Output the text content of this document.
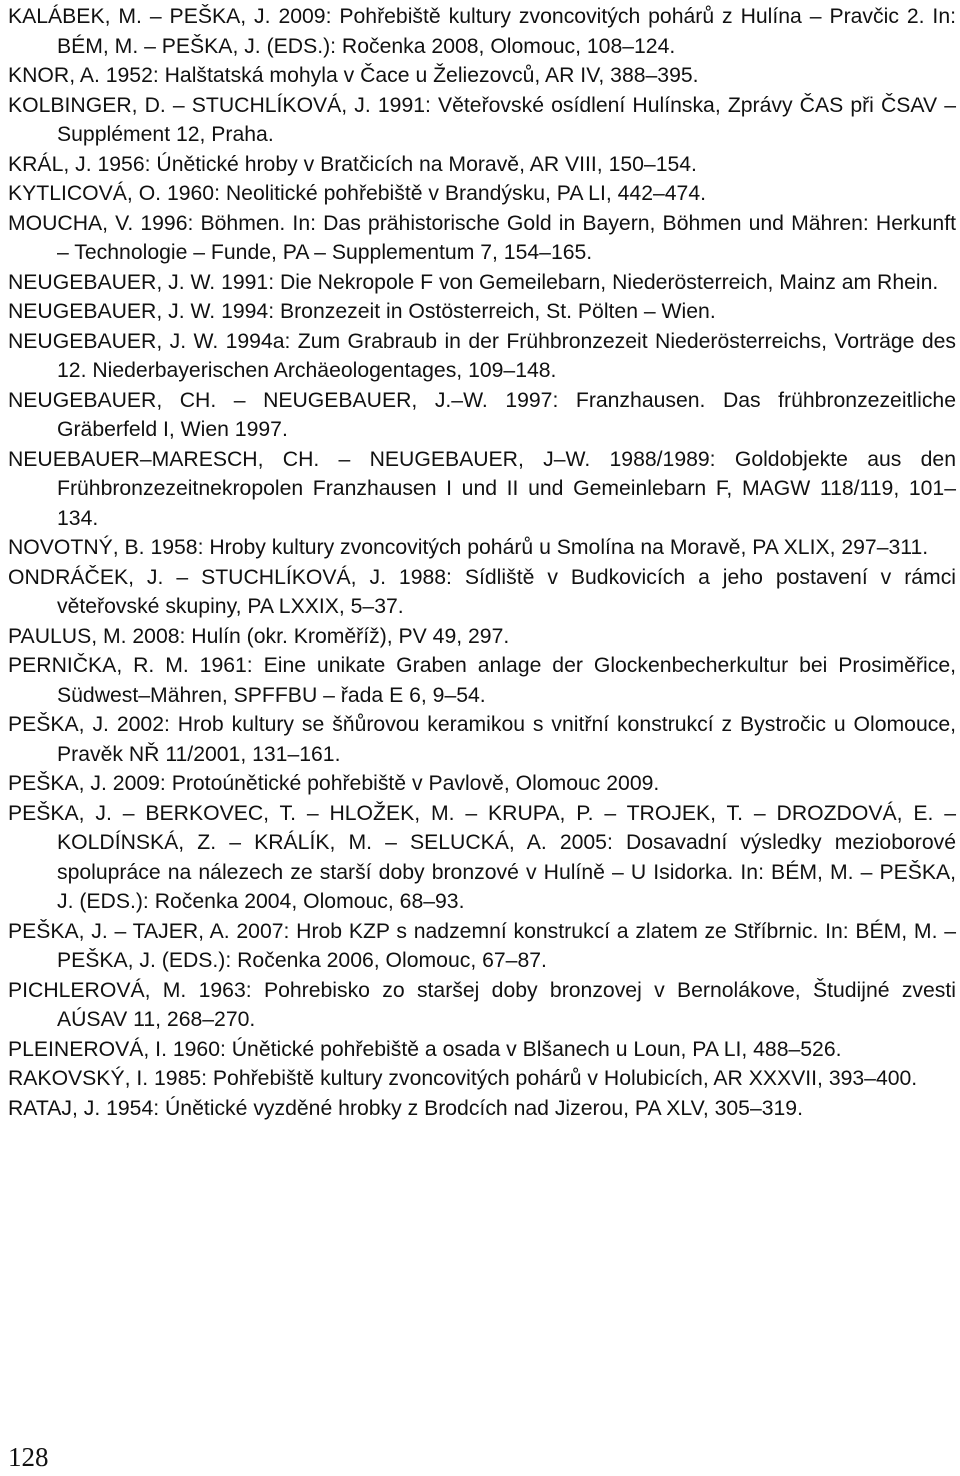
KALÁBEK, M. – PEŠKA, J. 2009: Pohřebiště kultury zvoncovitých pohárů z Hulína – Pravčic 2. In: BÉM, M. – PEŠKA, J. (EDS.): Ročenka 2008, Olomouc, 108–124.
KNOR, A. 1952: Halštatská mohyla v Čace u Želiezovců, AR IV, 388–395.
KOLBINGER, D. – STUCHLÍKOVÁ, J. 1991: Věteřovské osídlení Hulínska, Zprávy ČAS při ČSAV – Supplément 12, Praha.
KRÁL, J. 1956: Únětické hroby v Bratčicích na Moravě, AR VIII, 150–154.
KYTLICOVÁ, O. 1960: Neolitické pohřebiště v Brandýsku, PA LI, 442–474.
MOUCHA, V. 1996: Böhmen. In: Das prähistorische Gold in Bayern, Böhmen und Mähren: Herkunft – Technologie – Funde, PA – Supplementum 7, 154–165.
NEUGEBAUER, J. W. 1991: Die Nekropole F von Gemeilebarn, Niederösterreich, Mainz am Rhein.
NEUGEBAUER, J. W. 1994: Bronzezeit in Ostösterreich, St. Pölten – Wien.
NEUGEBAUER, J. W. 1994a: Zum Grabraub in der Frühbronzezeit Niederösterreichs, Vorträge des 12. Niederbayerischen Archäeologentages, 109–148.
NEUGEBAUER, CH. – NEUGEBAUER, J.–W. 1997: Franzhausen. Das frühbronzezeitliche Gräberfeld I, Wien 1997.
NEUEBAUER–MARESCH, CH. – NEUGEBAUER, J–W. 1988/1989: Goldobjekte aus den Frühbronzezeitnekropolen Franzhausen I und II und Gemeinlebarn F, MAGW 118/119, 101–134.
NOVOTNÝ, B. 1958: Hroby kultury zvoncovitých pohárů u Smolína na Moravě, PA XLIX, 297–311.
ONDRÁČEK, J. – STUCHLÍKOVÁ, J. 1988: Sídliště v Budkovicích a jeho postavení v rámci věteřovské skupiny, PA LXXIX, 5–37.
PAULUS, M. 2008: Hulín (okr. Kroměříž), PV 49, 297.
PERNIČKA, R. M. 1961: Eine unikate Graben anlage der Glockenbecherkultur bei Prosiměřice, Südwest–Mähren, SPFFBU – řada E 6, 9–54.
PEŠKA, J. 2002: Hrob kultury se šňůrovou keramikou s vnitřní konstrukcí z Bystročic u Olomouce, Pravěk NŘ 11/2001, 131–161.
PEŠKA, J. 2009: Protoúnětické pohřebiště v Pavlově, Olomouc 2009.
PEŠKA, J. – BERKOVEC, T. – HLOŽEK, M. – KRUPA, P. – TROJEK, T. – DROZDOVÁ, E. – KOLDÍNSKÁ, Z. – KRÁLÍK, M. – SELUCKÁ, A. 2005: Dosavadní výsledky mezioborové spolupráce na nálezech ze starší doby bronzové v Hulíně – U Isidorka. In: BÉM, M. – PEŠKA, J. (EDS.): Ročenka 2004, Olomouc, 68–93.
PEŠKA, J. – TAJER, A. 2007: Hrob KZP s nadzemní konstrukcí a zlatem ze Stříbrnic. In: BÉM, M. – PEŠKA, J. (EDS.): Ročenka 2006, Olomouc, 67–87.
PICHLEROVÁ, M. 1963: Pohrebisko zo staršej doby bronzovej v Bernolákove, Študijné zvesti AÚSAV 11, 268–270.
PLEINEROVÁ, I. 1960: Únětické pohřebiště a osada v Blšanech u Loun, PA LI, 488–526.
RAKOVSKÝ, I. 1985: Pohřebiště kultury zvoncovitých pohárů v Holubicích, AR XXXVII, 393–400.
RATAJ, J. 1954: Únětické vyzděné hrobky z Brodcích nad Jizerou, PA XLV, 305–319.
128
